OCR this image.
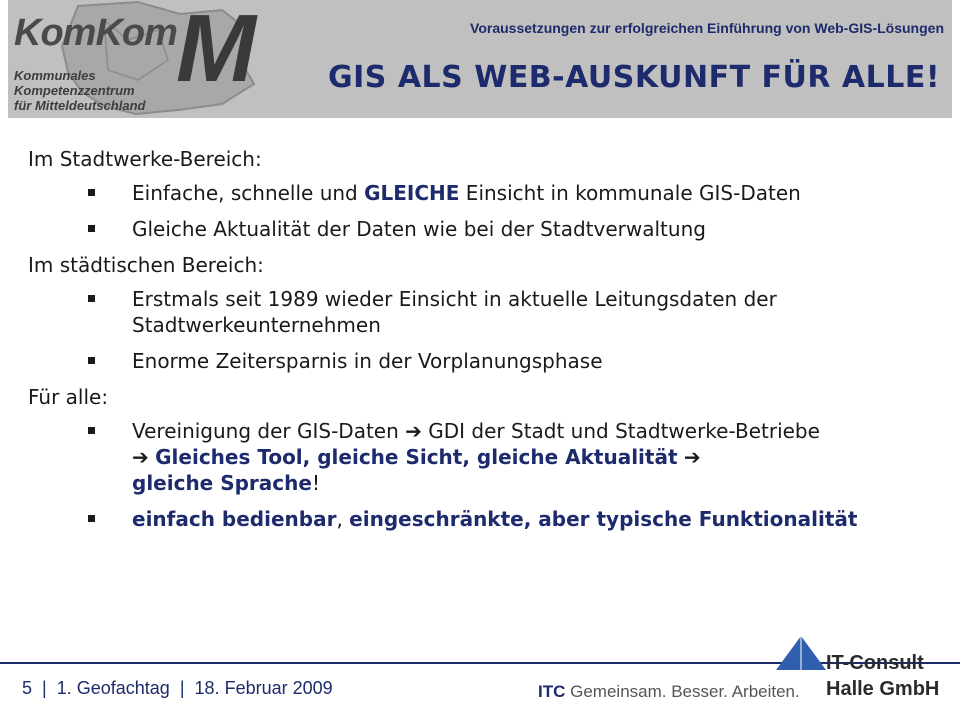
KomKom M
Kommunales
Kompetenzzentrum
für Mitteldeutschland
Voraussetzungen zur erfolgreichen Einführung von Web-GIS-Lösungen
GIS ALS WEB-AUSKUNFT FÜR ALLE!
Im Stadtwerke-Bereich:
Einfache, schnelle und GLEICHE Einsicht in kommunale GIS-Daten
Gleiche Aktualität der Daten wie bei der Stadtverwaltung
Im städtischen Bereich:
Erstmals seit 1989 wieder Einsicht in aktuelle Leitungsdaten der Stadtwerkeunternehmen
Enorme Zeitersparnis in der Vorplanungsphase
Für alle:
Vereinigung der GIS-Daten ➔ GDI der Stadt und Stadtwerke-Betriebe
➔ Gleiches Tool, gleiche Sicht, gleiche Aktualität ➔
gleiche Sprache!
einfach bedienbar, eingeschränkte, aber typische Funktionalität
5 | 1. Geofachtag | 18. Februar 2009	ITC Gemeinsam. Besser. Arbeiten.
IT-Consult
Halle GmbH
